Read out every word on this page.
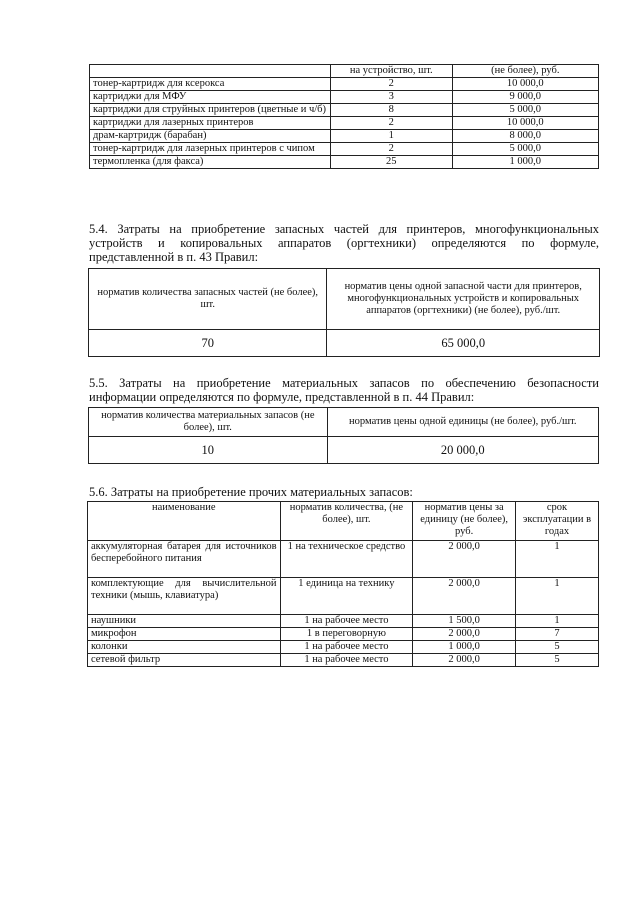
	на устройство, шт.	(не более), руб.
тонер-картридж для ксерокса	2	10 000,0
картриджи для МФУ	3	9 000,0
картриджи для струйных принтеров (цветные и ч/б)	8	5 000,0
картриджи для лазерных принтеров	2	10 000,0
драм-картридж (барабан)	1	8 000,0
тонер-картридж для лазерных принтеров с чипом	2	5 000,0
термопленка (для факса)	25	1 000,0
5.4. Затраты на приобретение запасных частей для принтеров, многофункциональных устройств и копировальных аппаратов (оргтехники) определяются по формуле, представленной в п. 43 Правил:
норматив количества запасных частей (не более), шт.	норматив цены одной запасной части для принтеров, многофункциональных устройств и копировальных аппаратов (оргтехники) (не более), руб./шт.
70	65 000,0
5.5. Затраты на приобретение материальных запасов по обеспечению безопасности информации определяются по формуле, представленной в п. 44 Правил:
норматив количества материальных запасов (не более), шт.	норматив цены одной единицы (не более), руб./шт.
10	20 000,0
5.6. Затраты на приобретение прочих материальных запасов:
наименование	норматив количества, (не более), шт.	норматив цены за единицу (не более), руб.	срок эксплуатации в годах
аккумуляторная батарея для источников бесперебойного питания	1 на техническое средство	2 000,0	1
комплектующие для вычислительной техники (мышь, клавиатура)	1 единица на технику	2 000,0	1
наушники	1 на рабочее место	1 500,0	1
микрофон	1 в переговорную	2 000,0	7
колонки	1 на рабочее место	1 000,0	5
сетевой фильтр	1 на рабочее место	2 000,0	5
